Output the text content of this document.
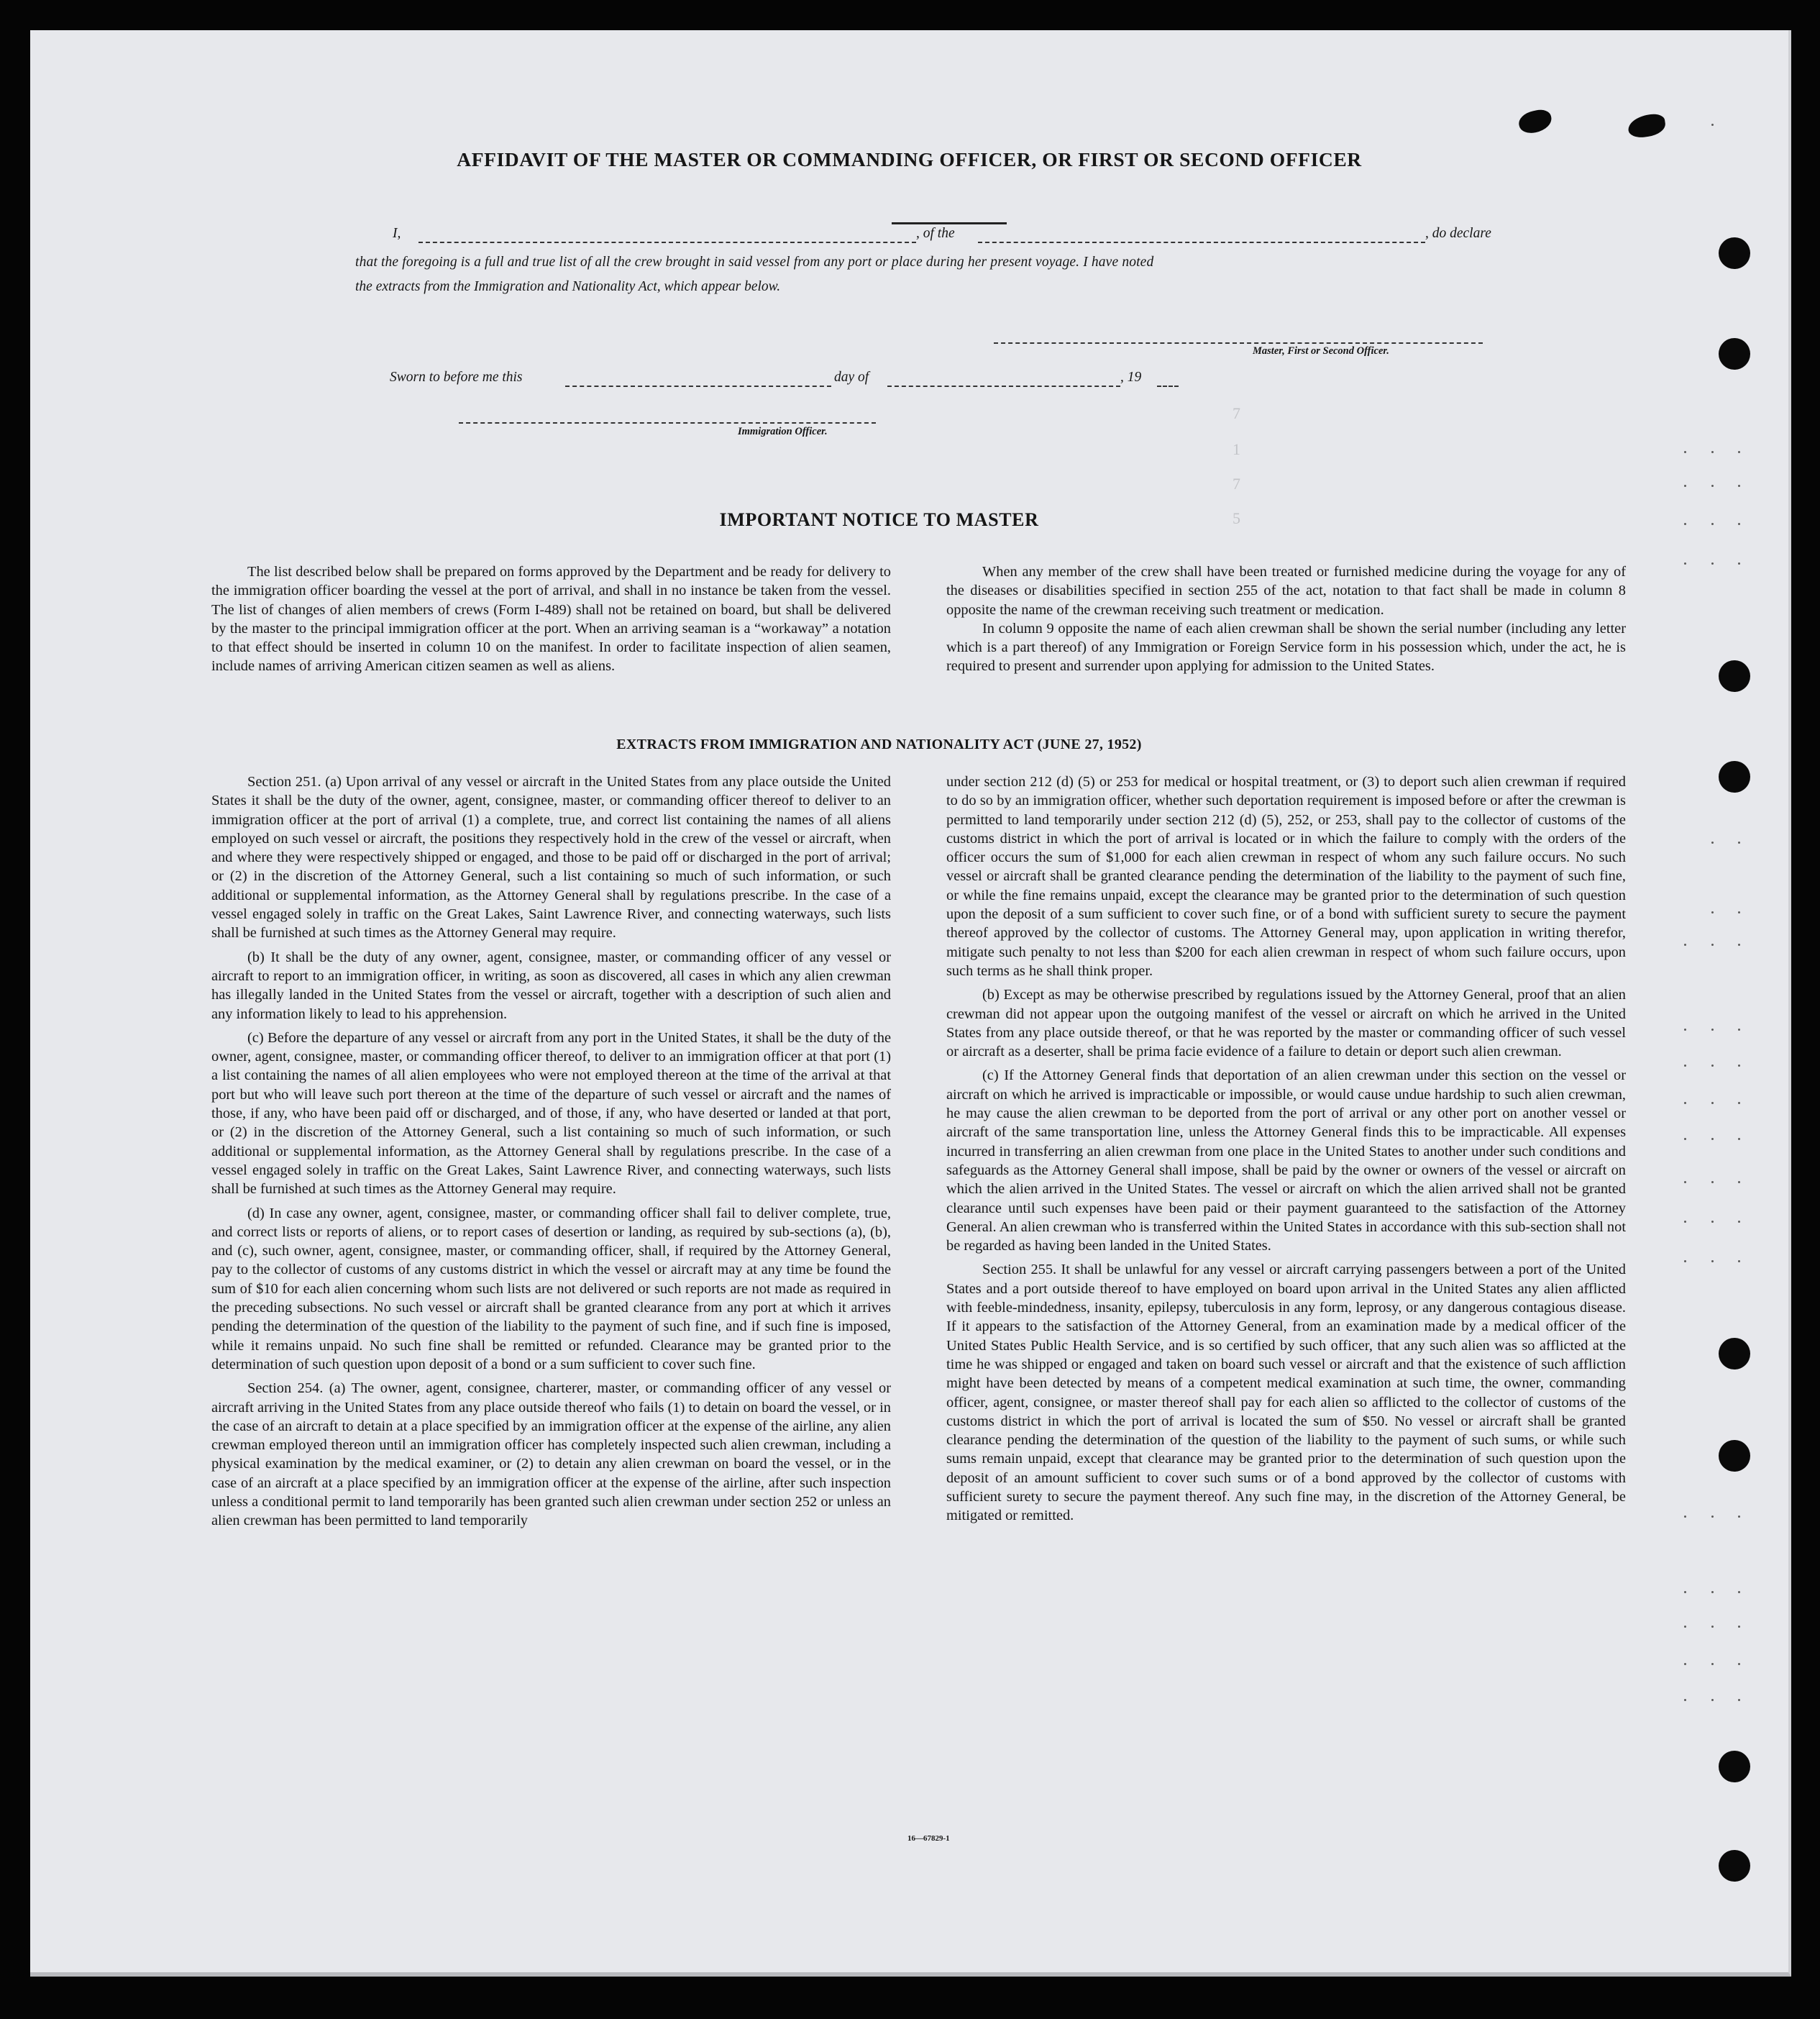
AFFIDAVIT OF THE MASTER OR COMMANDING OFFICER, OR FIRST OR SECOND OFFICER
I,	, of the	, do declare
that the foregoing is a full and true list of all the crew brought in said vessel from any port or place during her present voyage. I have noted
the extracts from the Immigration and Nationality Act, which appear below.
Master, First or Second Officer.
Sworn to before me this	day of	, 19
Immigration Officer.
7
1
7
5
IMPORTANT NOTICE TO MASTER

The list described below shall be prepared on forms approved by the Department and be ready for delivery to the immigration officer boarding the vessel at the port of arrival, and shall in no instance be taken from the vessel. The list of changes of alien members of crews (Form I-489) shall not be retained on board, but shall be delivered by the master to the principal immigration officer at the port. When an arriving seaman is a “workaway” a notation to that effect should be inserted in column 10 on the manifest. In order to facilitate inspection of alien seamen, include names of arriving American citizen seamen as well as aliens.

When any member of the crew shall have been treated or furnished medicine during the voyage for any of the diseases or disabilities specified in section 255 of the act, notation to that fact shall be made in column 8 opposite the name of the crewman receiving such treatment or medication.

In column 9 opposite the name of each alien crewman shall be shown the serial number (including any letter which is a part thereof) of any Immigration or Foreign Service form in his possession which, under the act, he is required to present and surrender upon applying for admission to the United States.

EXTRACTS FROM IMMIGRATION AND NATIONALITY ACT (JUNE 27, 1952)

Section 251. (a) Upon arrival of any vessel or aircraft in the United States from any place outside the United States it shall be the duty of the owner, agent, consignee, master, or commanding officer thereof to deliver to an immigration officer at the port of arrival (1) a complete, true, and correct list containing the names of all aliens employed on such vessel or aircraft, the positions they respectively hold in the crew of the vessel or aircraft, when and where they were respectively shipped or engaged, and those to be paid off or discharged in the port of arrival; or (2) in the discretion of the Attorney General, such a list containing so much of such information, or such additional or supplemental information, as the Attorney General shall by regulations prescribe. In the case of a vessel engaged solely in traffic on the Great Lakes, Saint Lawrence River, and connecting waterways, such lists shall be furnished at such times as the Attorney General may require.

(b) It shall be the duty of any owner, agent, consignee, master, or commanding officer of any vessel or aircraft to report to an immigration officer, in writing, as soon as discovered, all cases in which any alien crewman has illegally landed in the United States from the vessel or aircraft, together with a description of such alien and any information likely to lead to his apprehension.

(c) Before the departure of any vessel or aircraft from any port in the United States, it shall be the duty of the owner, agent, consignee, master, or commanding officer thereof, to deliver to an immigration officer at that port (1) a list containing the names of all alien employees who were not employed thereon at the time of the arrival at that port but who will leave such port thereon at the time of the departure of such vessel or aircraft and the names of those, if any, who have been paid off or discharged, and of those, if any, who have deserted or landed at that port, or (2) in the discretion of the Attorney General, such a list containing so much of such information, or such additional or supplemental information, as the Attorney General shall by regulations prescribe. In the case of a vessel engaged solely in traffic on the Great Lakes, Saint Lawrence River, and connecting waterways, such lists shall be furnished at such times as the Attorney General may require.

(d) In case any owner, agent, consignee, master, or commanding officer shall fail to deliver complete, true, and correct lists or reports of aliens, or to report cases of desertion or landing, as required by sub-sections (a), (b), and (c), such owner, agent, consignee, master, or commanding officer, shall, if required by the Attorney General, pay to the collector of customs of any customs district in which the vessel or aircraft may at any time be found the sum of $10 for each alien concerning whom such lists are not delivered or such reports are not made as required in the preceding subsections. No such vessel or aircraft shall be granted clearance from any port at which it arrives pending the determination of the question of the liability to the payment of such fine, and if such fine is imposed, while it remains unpaid. No such fine shall be remitted or refunded. Clearance may be granted prior to the determination of such question upon deposit of a bond or a sum sufficient to cover such fine.

Section 254. (a) The owner, agent, consignee, charterer, master, or commanding officer of any vessel or aircraft arriving in the United States from any place outside thereof who fails (1) to detain on board the vessel, or in the case of an aircraft to detain at a place specified by an immigration officer at the expense of the airline, any alien crewman employed thereon until an immigration officer has completely inspected such alien crewman, including a physical examination by the medical examiner, or (2) to detain any alien crewman on board the vessel, or in the case of an aircraft at a place specified by an immigration officer at the expense of the airline, after such inspection unless a conditional permit to land temporarily has been granted such alien crewman under section 252 or unless an alien crewman has been permitted to land temporarily

under section 212 (d) (5) or 253 for medical or hospital treatment, or (3) to deport such alien crewman if required to do so by an immigration officer, whether such deportation requirement is imposed before or after the crewman is permitted to land temporarily under section 212 (d) (5), 252, or 253, shall pay to the collector of customs of the customs district in which the port of arrival is located or in which the failure to comply with the orders of the officer occurs the sum of $1,000 for each alien crewman in respect of whom any such failure occurs. No such vessel or aircraft shall be granted clearance pending the determination of the liability to the payment of such fine, or while the fine remains unpaid, except the clearance may be granted prior to the determination of such question upon the deposit of a sum sufficient to cover such fine, or of a bond with sufficient surety to secure the payment thereof approved by the collector of customs. The Attorney General may, upon application in writing therefor, mitigate such penalty to not less than $200 for each alien crewman in respect of whom such failure occurs, upon such terms as he shall think proper.

(b) Except as may be otherwise prescribed by regulations issued by the Attorney General, proof that an alien crewman did not appear upon the outgoing manifest of the vessel or aircraft on which he arrived in the United States from any place outside thereof, or that he was reported by the master or commanding officer of such vessel or aircraft as a deserter, shall be prima facie evidence of a failure to detain or deport such alien crewman.

(c) If the Attorney General finds that deportation of an alien crewman under this section on the vessel or aircraft on which he arrived is impracticable or impossible, or would cause undue hardship to such alien crewman, he may cause the alien crewman to be deported from the port of arrival or any other port on another vessel or aircraft of the same transportation line, unless the Attorney General finds this to be impracticable. All expenses incurred in transferring an alien crewman from one place in the United States to another under such conditions and safeguards as the Attorney General shall impose, shall be paid by the owner or owners of the vessel or aircraft on which the alien arrived in the United States. The vessel or aircraft on which the alien arrived shall not be granted clearance until such expenses have been paid or their payment guaranteed to the satisfaction of the Attorney General. An alien crewman who is transferred within the United States in accordance with this sub-section shall not be regarded as having been landed in the United States.

Section 255. It shall be unlawful for any vessel or aircraft carrying passengers between a port of the United States and a port outside thereof to have employed on board upon arrival in the United States any alien afflicted with feeble-mindedness, insanity, epilepsy, tuberculosis in any form, leprosy, or any dangerous contagious disease. If it appears to the satisfaction of the Attorney General, from an examination made by a medical officer of the United States Public Health Service, and is so certified by such officer, that any such alien was so afflicted at the time he was shipped or engaged and taken on board such vessel or aircraft and that the existence of such affliction might have been detected by means of a competent medical examination at such time, the owner, commanding officer, agent, consignee, or master thereof shall pay for each alien so afflicted to the collector of customs of the customs district in which the port of arrival is located the sum of $50. No vessel or aircraft shall be granted clearance pending the determination of the question of the liability to the payment of such sums, or while such sums remain unpaid, except that clearance may be granted prior to the determination of such question upon the deposit of an amount sufficient to cover such sums or of a bond approved by the collector of customs with sufficient surety to secure the payment thereof. Any such fine may, in the discretion of the Attorney General, be mitigated or remitted.

16—67829-1
